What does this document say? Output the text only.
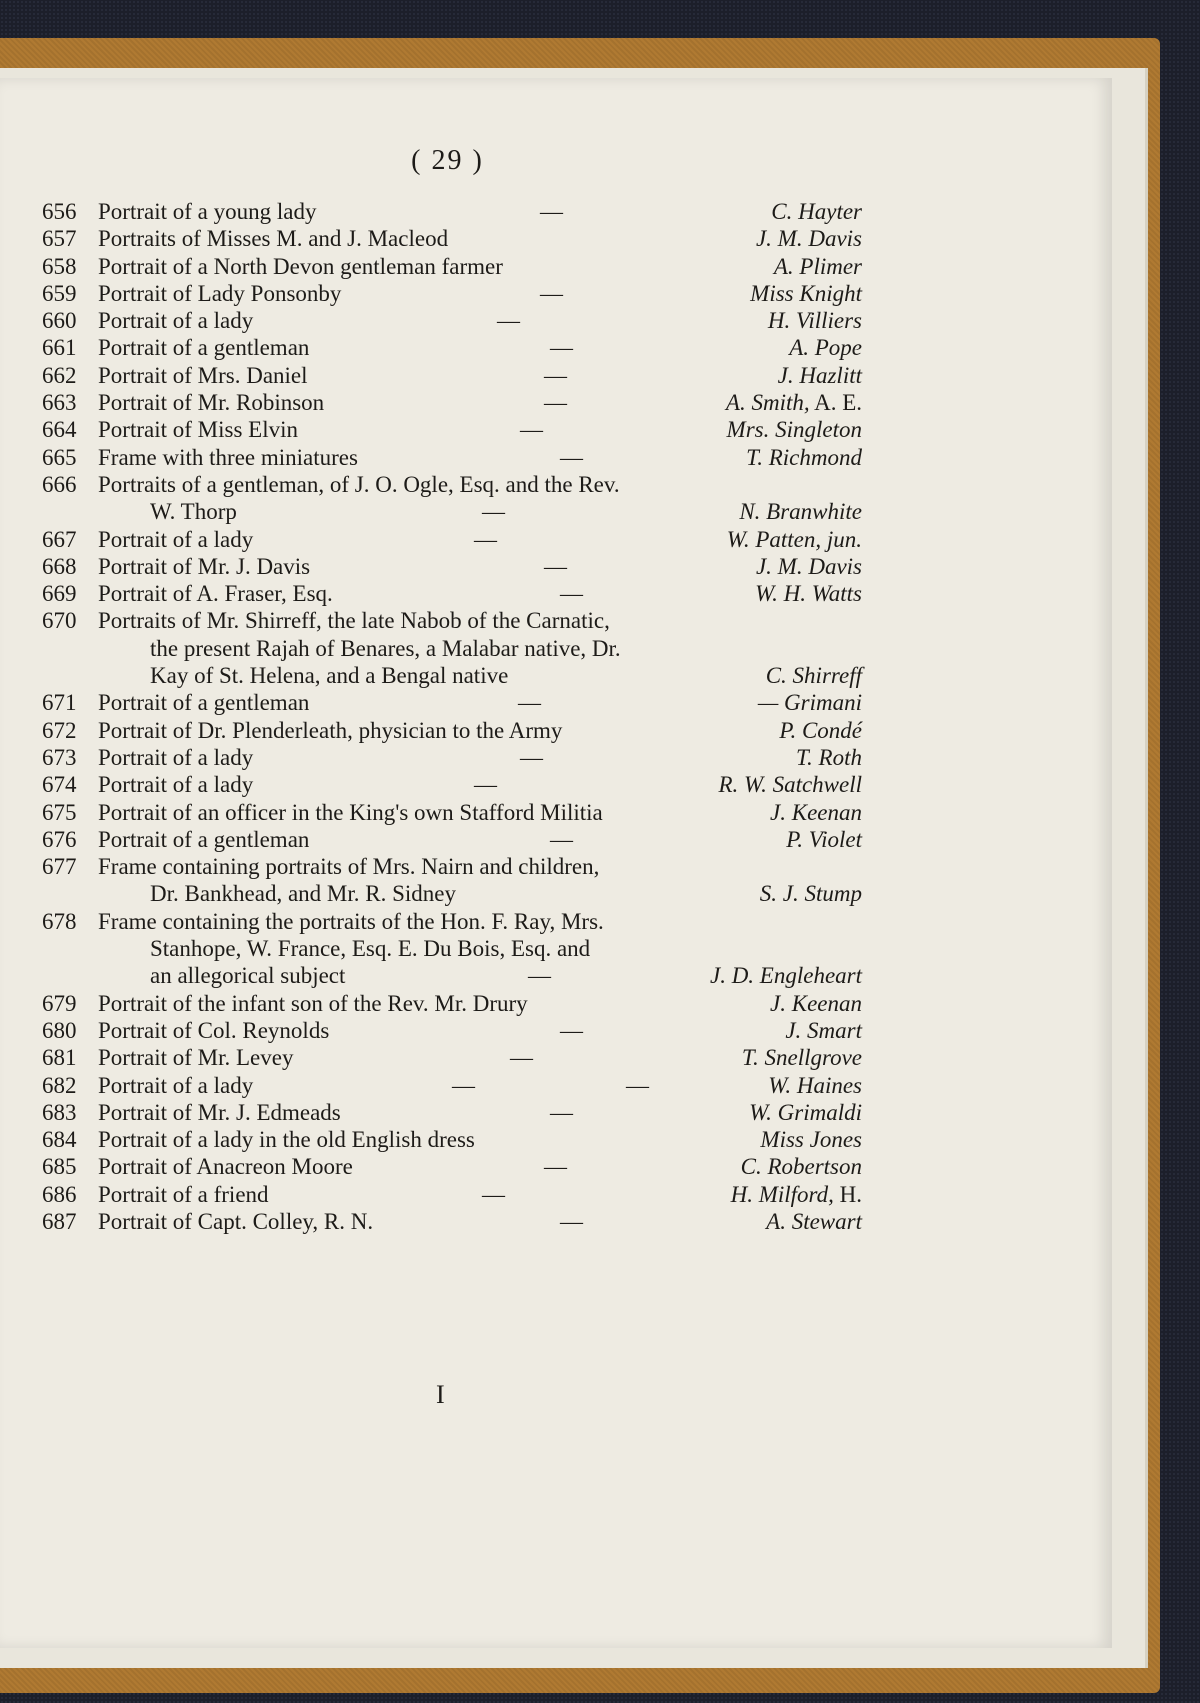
( 29 )
656 Portrait of a young lady	—	C. Hayter
657 Portraits of Misses M. and J. Macleod	J. M. Davis
658 Portrait of a North Devon gentleman farmer	A. Plimer
659 Portrait of Lady Ponsonby	—	Miss Knight
660 Portrait of a lady	—	H. Villiers
661 Portrait of a gentleman	—	A. Pope
662 Portrait of Mrs. Daniel	—	J. Hazlitt
663 Portrait of Mr. Robinson	—	A. Smith, A. E.
664 Portrait of Miss Elvin	—	Mrs. Singleton
665 Frame with three miniatures	—	T. Richmond
666 Portraits of a gentleman, of J. O. Ogle, Esq. and the Rev.
W. Thorp	—	N. Branwhite
667 Portrait of a lady	—	W. Patten, jun.
668 Portrait of Mr. J. Davis	—	J. M. Davis
669 Portrait of A. Fraser, Esq.	—	W. H. Watts
670 Portraits of Mr. Shirreff, the late Nabob of the Carnatic,
the present Rajah of Benares, a Malabar native, Dr.
Kay of St. Helena, and a Bengal native	C. Shirreff
671 Portrait of a gentleman	—	— Grimani
672 Portrait of Dr. Plenderleath, physician to the Army	P. Condé
673 Portrait of a lady	—	T. Roth
674 Portrait of a lady	—	R. W. Satchwell
675 Portrait of an officer in the King's own Stafford Militia	J. Keenan
676 Portrait of a gentleman	—	P. Violet
677 Frame containing portraits of Mrs. Nairn and children,
Dr. Bankhead, and Mr. R. Sidney	S. J. Stump
678 Frame containing the portraits of the Hon. F. Ray, Mrs.
Stanhope, W. France, Esq. E. Du Bois, Esq. and
an allegorical subject	—	J. D. Engleheart
679 Portrait of the infant son of the Rev. Mr. Drury	J. Keenan
680 Portrait of Col. Reynolds	—	J. Smart
681 Portrait of Mr. Levey	—	T. Snellgrove
682 Portrait of a lady	—	—	W. Haines
683 Portrait of Mr. J. Edmeads	—	W. Grimaldi
684 Portrait of a lady in the old English dress	Miss Jones
685 Portrait of Anacreon Moore	—	C. Robertson
686 Portrait of a friend	—	H. Milford, H.
687 Portrait of Capt. Colley, R. N.	—	A. Stewart
I
